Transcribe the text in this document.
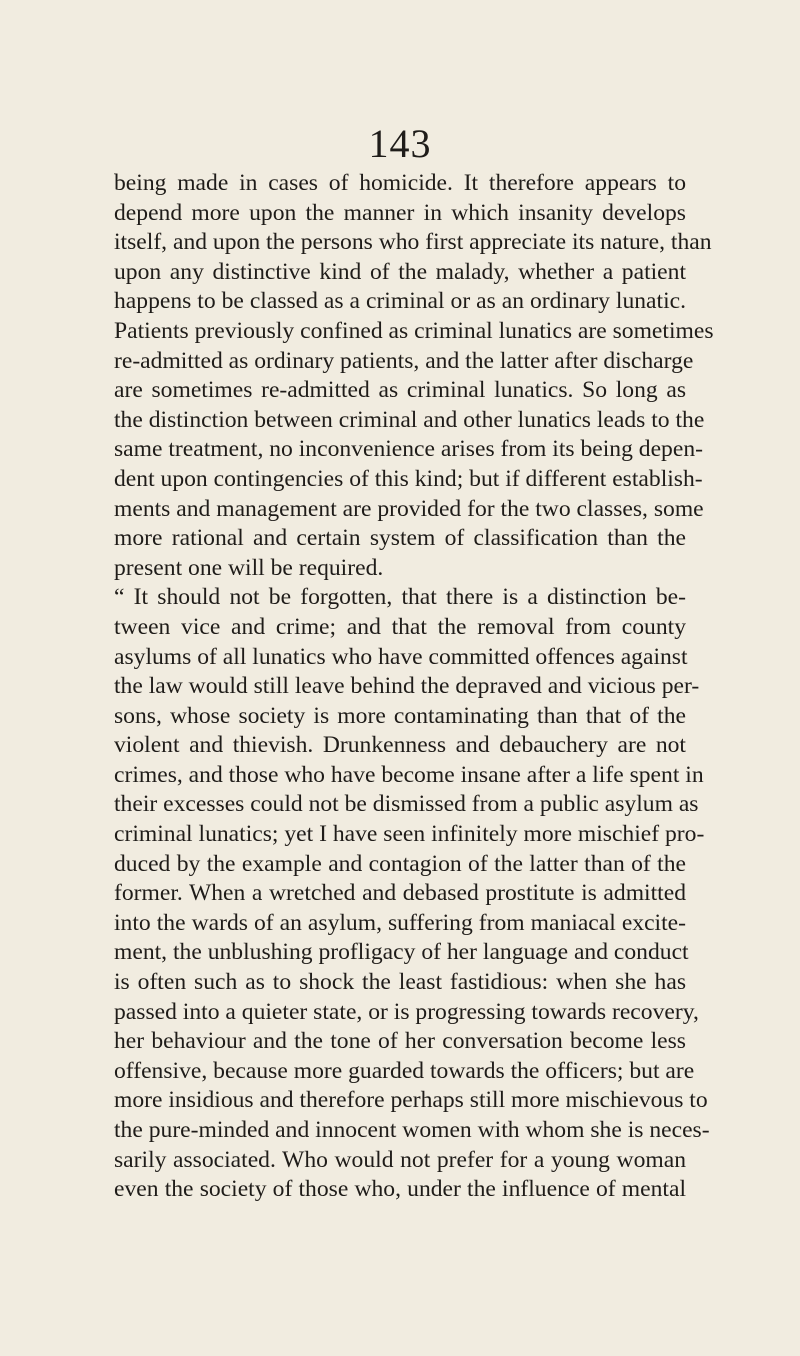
143
being made in cases of homicide. It therefore appears to
depend more upon the manner in which insanity develops
itself, and upon the persons who first appreciate its nature, than
upon any distinctive kind of the malady, whether a patient
happens to be classed as a criminal or as an ordinary lunatic.
Patients previously confined as criminal lunatics are sometimes
re-admitted as ordinary patients, and the latter after discharge
are sometimes re-admitted as criminal lunatics. So long as
the distinction between criminal and other lunatics leads to the
same treatment, no inconvenience arises from its being depen-
dent upon contingencies of this kind; but if different establish-
ments and management are provided for the two classes, some
more rational and certain system of classification than the
present one will be required.
“ It should not be forgotten, that there is a distinction be-
tween vice and crime; and that the removal from county
asylums of all lunatics who have committed offences against
the law would still leave behind the depraved and vicious per-
sons, whose society is more contaminating than that of the
violent and thievish. Drunkenness and debauchery are not
crimes, and those who have become insane after a life spent in
their excesses could not be dismissed from a public asylum as
criminal lunatics; yet I have seen infinitely more mischief pro-
duced by the example and contagion of the latter than of the
former. When a wretched and debased prostitute is admitted
into the wards of an asylum, suffering from maniacal excite-
ment, the unblushing profligacy of her language and conduct
is often such as to shock the least fastidious: when she has
passed into a quieter state, or is progressing towards recovery,
her behaviour and the tone of her conversation become less
offensive, because more guarded towards the officers; but are
more insidious and therefore perhaps still more mischievous to
the pure-minded and innocent women with whom she is neces-
sarily associated. Who would not prefer for a young woman
even the society of those who, under the influence of mental
